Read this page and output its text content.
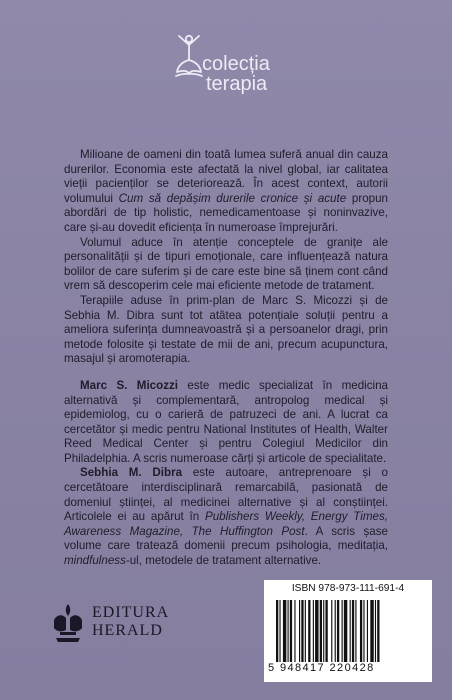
colecția
terapia

Milioane de oameni din toată lumea suferă anual din cauza durerilor. Economia este afectată la nivel global, iar calitatea vieții pacienților se deteriorează. În acest context, autorii volumului Cum să depășim durerile cronice și acute propun abordări de tip holistic, nemedicamentoase și noninvazive, care și-au dovedit eficiența în numeroase împrejurări.

Volumul aduce în atenție conceptele de granițe ale personalității și de tipuri emoționale, care influențează natura bolilor de care suferim și de care este bine să ținem cont când vrem să descoperim cele mai eficiente metode de tratament.

Terapiile aduse în prim-plan de Marc S. Micozzi și de Sebhia M. Dibra sunt tot atâtea potențiale soluții pentru a ameliora suferința dumneavoastră și a persoanelor dragi, prin metode folosite și testate de mii de ani, precum acupunctura, masajul și aromoterapia.

Marc S. Micozzi este medic specializat în medicina alternativă și complementară, antropolog medical și epidemiolog, cu o carieră de patruzeci de ani. A lucrat ca cercetător și medic pentru National Institutes of Health, Walter Reed Medical Center și pentru Colegiul Medicilor din Philadelphia. A scris numeroase cărți și articole de specialitate.

Sebhia M. Dibra este autoare, antreprenoare și o cercetătoare interdisciplinară remarcabilă, pasionată de domeniul științei, al medicinei alternative și al conștiinței. Articolele ei au apărut în Publishers Weekly, Energy Times, Awareness Magazine, The Huffington Post. A scris șase volume care tratează domenii precum psihologia, meditația, mindfulness-ul, metodele de tratament alternative.

EDITURA
HERALD
ISBN 978-973-111-691-4
5 948417 220428
